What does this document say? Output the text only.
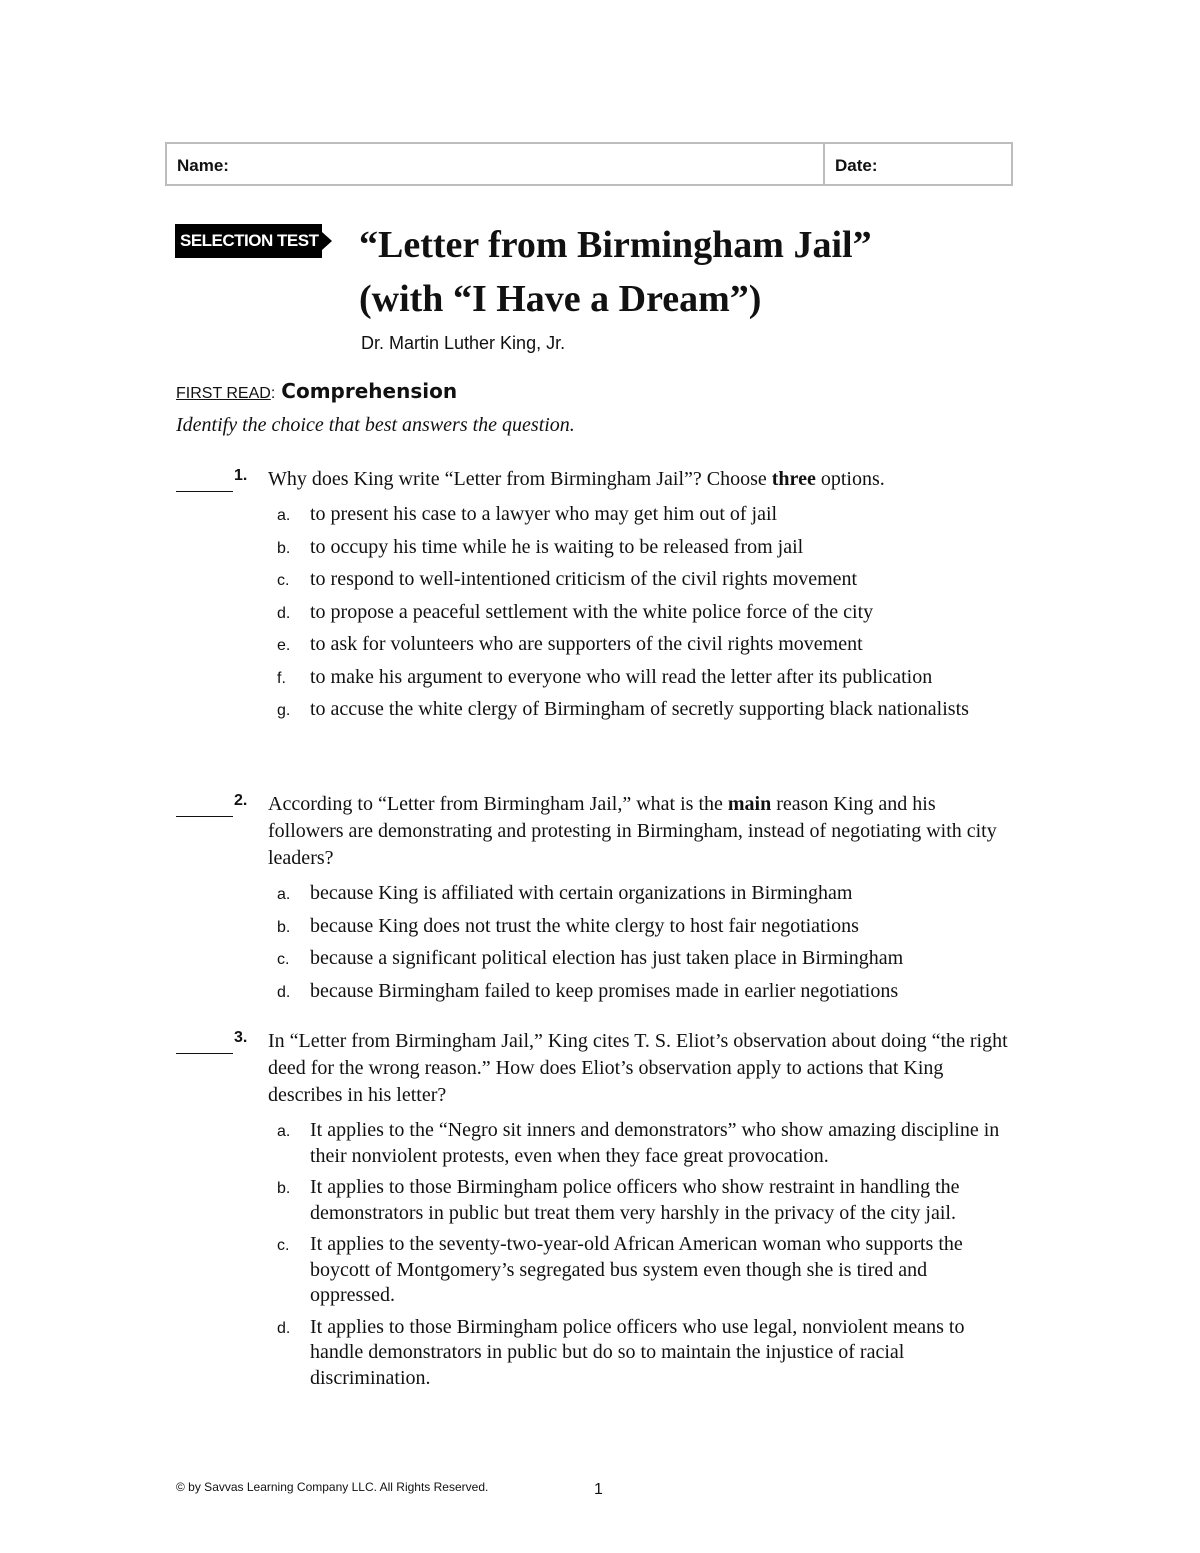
Name:	Date:
SELECTION TEST “Letter from Birmingham Jail”
(with “I Have a Dream”)
Dr. Martin Luther King, Jr.
FIRST READ : Comprehension
Identify the choice that best answers the question.
1.	Why does King write “Letter from Birmingham Jail”? Choose three options.
a. to present his case to a lawyer who may get him out of jail
b. to occupy his time while he is waiting to be released from jail
c.	to respond to well-intentioned criticism of the civil rights movement
d. to propose a peaceful settlement with the white police force of the city
e. to ask for volunteers who are supporters of the civil rights movement
f.	to make his argument to everyone who will read the letter after its publication
g. to accuse the white clergy of Birmingham of secretly supporting black nationalists
2.	According to “Letter from Birmingham Jail,” what is the main reason King and his followers are demonstrating and protesting in Birmingham, instead of negotiating with city leaders?
a. because King is affiliated with certain organizations in Birmingham
b. because King does not trust the white clergy to host fair negotiations
c.	because a significant political election has just taken place in Birmingham
d. because Birmingham failed to keep promises made in earlier negotiations
3.	In “Letter from Birmingham Jail,” King cites T. S. Eliot’s observation about doing “the right deed for the wrong reason.” How does Eliot’s observation apply to actions that King describes in his letter?
a. It applies to the “Negro sit inners and demonstrators” who show amazing discipline in their nonviolent protests, even when they face great provocation.
b. It applies to those Birmingham police officers who show restraint in handling the demonstrators in public but treat them very harshly in the privacy of the city jail.
c.	It applies to the seventy-two-year-old African American woman who supports the boycott of Montgomery’s segregated bus system even though she is tired and oppressed.
d. It applies to those Birmingham police officers who use legal, nonviolent means to handle demonstrators in public but do so to maintain the injustice of racial discrimination.
© by Savvas Learning Company LLC. All Rights Reserved.	1
